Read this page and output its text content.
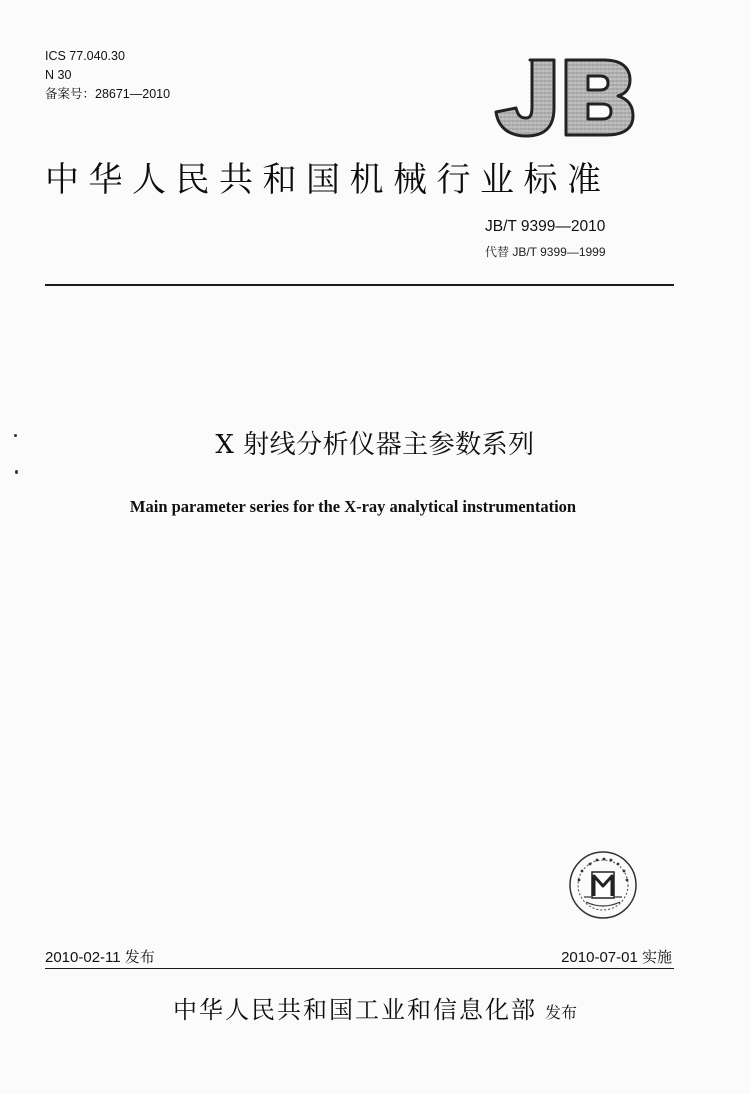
ICS 77.040.30
N 30
备案号：28671—2010
JB
中华人民共和国机械行业标准
JB/T 9399—2010
代替 JB/T 9399—1999
X 射线分析仪器主参数系列
Main parameter series for the X-ray analytical instrumentation
2010-02-11 发布	2010-07-01 实施
中华人民共和国工业和信息化部 发布
